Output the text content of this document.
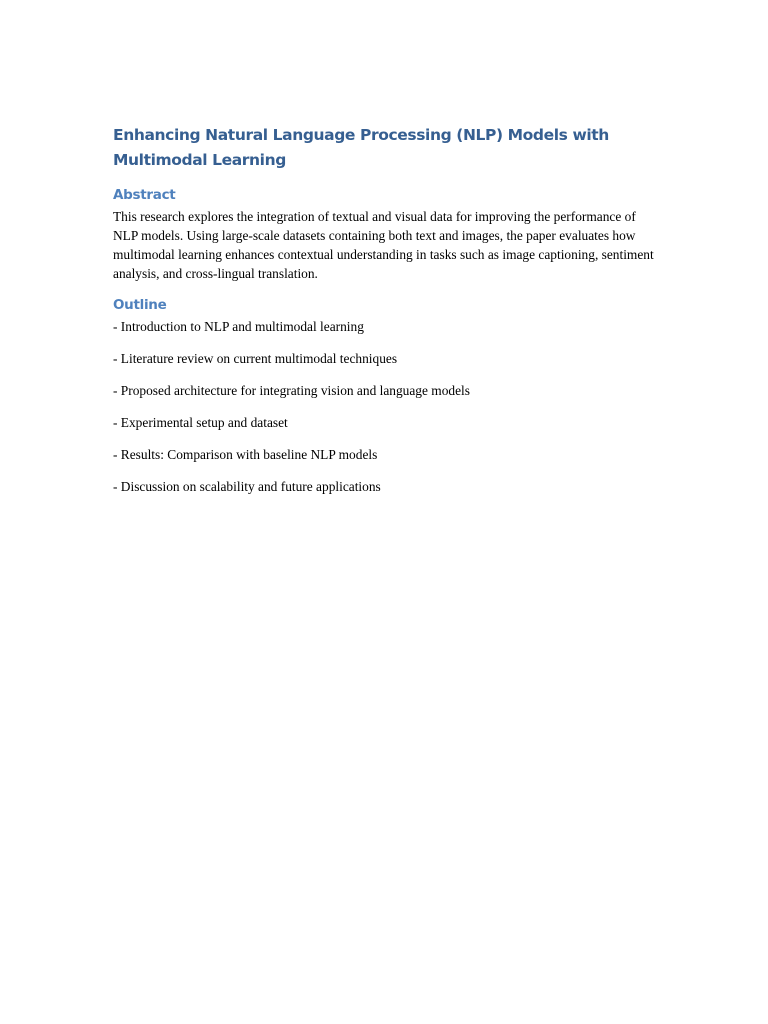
Enhancing Natural Language Processing (NLP) Models with Multimodal Learning
Abstract

This research explores the integration of textual and visual data for improving the performance of NLP models. Using large-scale datasets containing both text and images, the paper evaluates how multimodal learning enhances contextual understanding in tasks such as image captioning, sentiment analysis, and cross-lingual translation.

Outline
- Introduction to NLP and multimodal learning
- Literature review on current multimodal techniques
- Proposed architecture for integrating vision and language models
- Experimental setup and dataset
- Results: Comparison with baseline NLP models
- Discussion on scalability and future applications
